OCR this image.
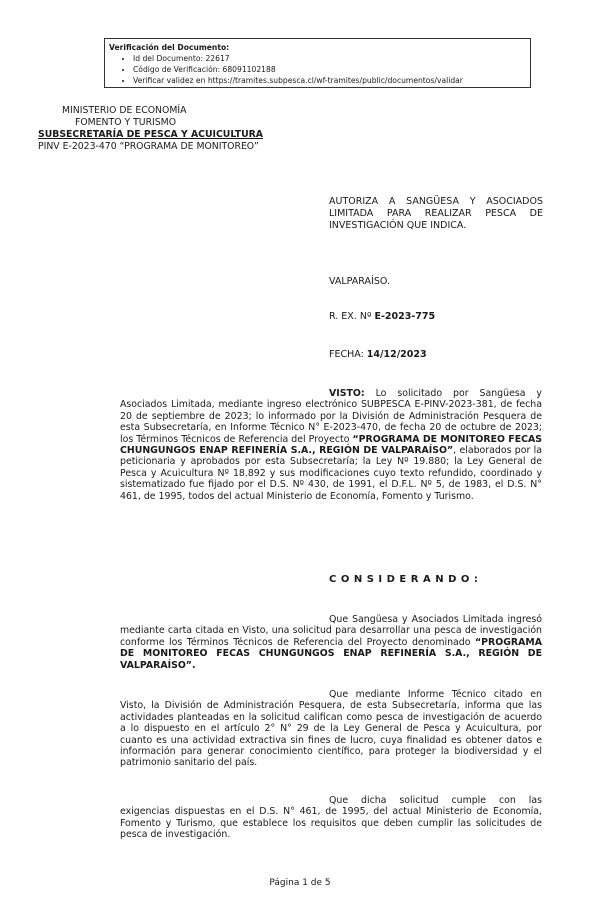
Verificación del Documento:
• Id del Documento: 22617
• Código de Verificación: 68091102188
• Verificar validez en https://tramites.subpesca.cl/wf-tramites/public/documentos/validar
MINISTERIO DE ECONOMÍA
FOMENTO Y TURISMO
SUBSECRETARÍA DE PESCA Y ACUICULTURA
PINV E-2023-470 “PROGRAMA DE MONITOREO”
AUTORIZA A SANGÜESA Y ASOCIADOS LIMITADA PARA REALIZAR PESCA DE INVESTIGACIÓN QUE INDICA.
VALPARAÍSO.
R. EX. Nº E-2023-775
FECHA: 14/12/2023

VISTO: Lo solicitado por Sangüesa y Asociados Limitada, mediante ingreso electrónico SUBPESCA E-PINV-2023-381, de fecha 20 de septiembre de 2023; lo informado por la División de Administración Pesquera de esta Subsecretaría, en Informe Técnico N° E-2023-470, de fecha 20 de octubre de 2023; los Términos Técnicos de Referencia del Proyecto “PROGRAMA DE MONITOREO FECAS CHUNGUNGOS ENAP REFINERÍA S.A., REGIÓN DE VALPARAÍSO”, elaborados por la peticionaria y aprobados por esta Subsecretaría; la Ley Nº 19.880; la Ley General de Pesca y Acuicultura Nº 18.892 y sus modificaciones cuyo texto refundido, coordinado y sistematizado fue fijado por el D.S. Nº 430, de 1991, el D.F.L. Nº 5, de 1983, el D.S. N° 461, de 1995, todos del actual Ministerio de Economía, Fomento y Turismo.

CONSIDERANDO:

Que Sangüesa y Asociados Limitada ingresó mediante carta citada en Visto, una solicitud para desarrollar una pesca de investigación conforme los Términos Técnicos de Referencia del Proyecto denominado “PROGRAMA DE MONITOREO FECAS CHUNGUNGOS ENAP REFINERÍA S.A., REGIÓN DE VALPARAÍSO”.

Que mediante Informe Técnico citado en Visto, la División de Administración Pesquera, de esta Subsecretaría, informa que las actividades planteadas en la solicitud califican como pesca de investigación de acuerdo a lo dispuesto en el artículo 2° N° 29 de la Ley General de Pesca y Acuicultura, por cuanto es una actividad extractiva sin fines de lucro, cuya finalidad es obtener datos e información para generar conocimiento científico, para proteger la biodiversidad y el patrimonio sanitario del país.

Que dicha solicitud cumple con las exigencias dispuestas en el D.S. N° 461, de 1995, del actual Ministerio de Economía, Fomento y Turismo, que establece los requisitos que deben cumplir las solicitudes de pesca de investigación.

Página 1 de 5
